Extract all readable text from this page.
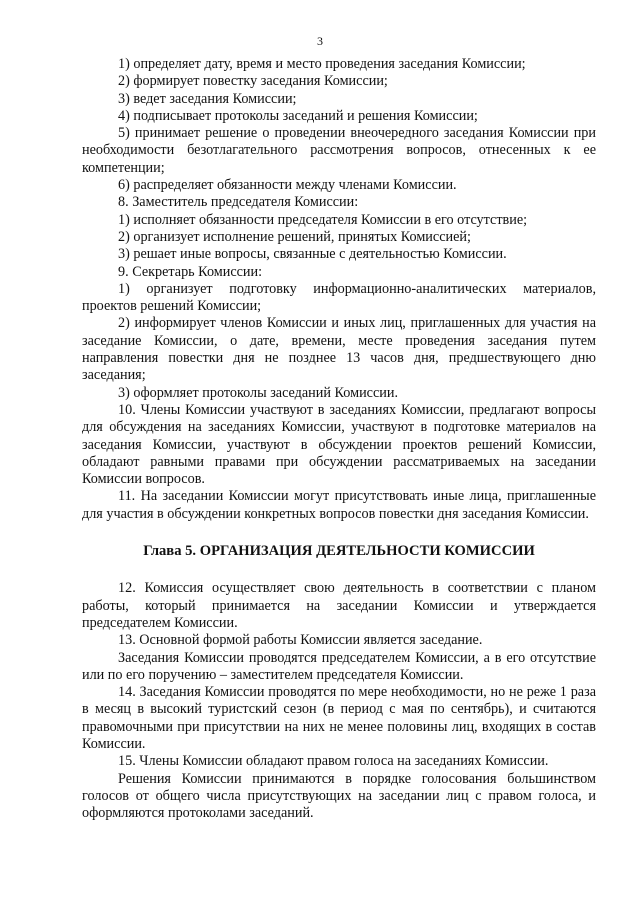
3

1) определяет дату, время и место проведения заседания Комиссии;

2) формирует повестку заседания Комиссии;

3) ведет заседания Комиссии;

4) подписывает протоколы заседаний и решения Комиссии;

5) принимает решение о проведении внеочередного заседания Комиссии при необходимости безотлагательного рассмотрения вопросов, отнесенных к ее компетенции;

6) распределяет обязанности между членами Комиссии.

8. Заместитель председателя Комиссии:

1) исполняет обязанности председателя Комиссии в его отсутствие;

2) организует исполнение решений, принятых Комиссией;

3) решает иные вопросы, связанные с деятельностью Комиссии.

9. Секретарь Комиссии:

1) организует подготовку информационно-аналитических материалов, проектов решений Комиссии;

2) информирует членов Комиссии и иных лиц, приглашенных для участия на заседание Комиссии, о дате, времени, месте проведения заседания путем направления повестки дня не позднее 13 часов дня, предшествующего дню заседания;

3) оформляет протоколы заседаний Комиссии.

10. Члены Комиссии участвуют в заседаниях Комиссии, предлагают вопросы для обсуждения на заседаниях Комиссии, участвуют в подготовке материалов на заседания Комиссии, участвуют в обсуждении проектов решений Комиссии, обладают равными правами при обсуждении рассматриваемых на заседании Комиссии вопросов.

11. На заседании Комиссии могут присутствовать иные лица, приглашенные для участия в обсуждении конкретных вопросов повестки дня заседания Комиссии.

Глава 5. ОРГАНИЗАЦИЯ ДЕЯТЕЛЬНОСТИ КОМИССИИ

12. Комиссия осуществляет свою деятельность в соответствии с планом работы, который принимается на заседании Комиссии и утверждается председателем Комиссии.

13. Основной формой работы Комиссии является заседание.

Заседания Комиссии проводятся председателем Комиссии, а в его отсутствие или по его поручению – заместителем председателя Комиссии.

14. Заседания Комиссии проводятся по мере необходимости, но не реже 1 раза в месяц в высокий туристский сезон (в период с мая по сентябрь), и считаются правомочными при присутствии на них не менее половины лиц, входящих в состав Комиссии.

15. Члены Комиссии обладают правом голоса на заседаниях Комиссии.

Решения Комиссии принимаются в порядке голосования большинством голосов от общего числа присутствующих на заседании лиц с правом голоса, и оформляются протоколами заседаний.
